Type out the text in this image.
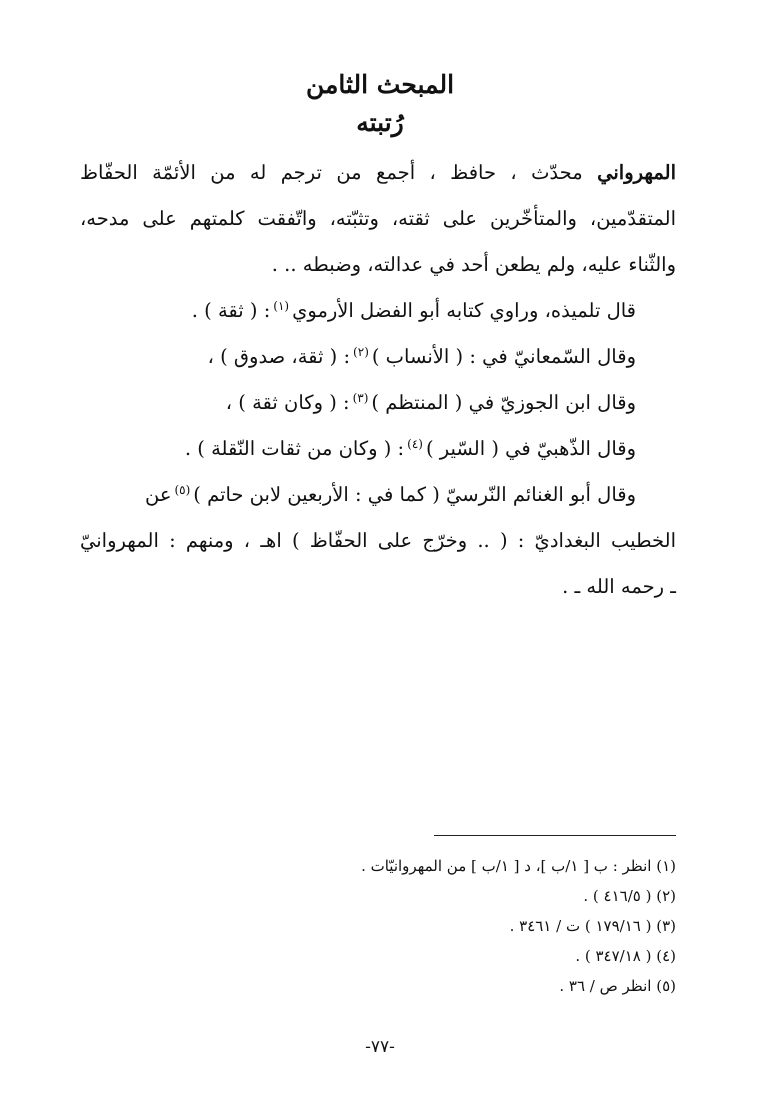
المبحث الثامن
رُتبته
المهرواني محدّث ، حافظ ، أجمع من ترجم له من الأئمّة الحفّاظ
المتقدّمين، والمتأخّرين على ثقته، وتثبّته، واتّفقت كلمتهم على مدحه،
والثّناء عليه، ولم يطعن أحد في عدالته، وضبطه .. .
قال تلميذه، وراوي كتابه أبو الفضل الأرموي$^{(١)}$: ( ثقة ) .
وقال السّمعانيّ في : ( الأنساب )$^{(٢)}$: ( ثقة، صدوق ) ،
وقال ابن الجوزيّ في ( المنتظم )$^{(٣)}$: ( وكان ثقة ) ،
وقال الذّهبيّ في ( السّير )$^{(٤)}$: ( وكان من ثقات النّقلة ) .
وقال أبو الغنائم النّرسيّ ( كما في : الأربعين لابن حاتم )$^{(٥)}$عن
الخطيب البغداديّ : ( .. وخرّج على الحفّاظ ) اهـ ، ومنهم : المهروانيّ
ـ رحمه الله ـ .
(١) انظر : ب [ ١/ب ]، د [ ١/ب ] من المهروانيّات .
(٢) ( ٤١٦/٥ ) .
(٣) ( ١٧٩/١٦ ) ت / ٣٤٦١ .
(٤) ( ٣٤٧/١٨ ) .
(٥) انظر ص / ٣٦ .
-٧٧-
